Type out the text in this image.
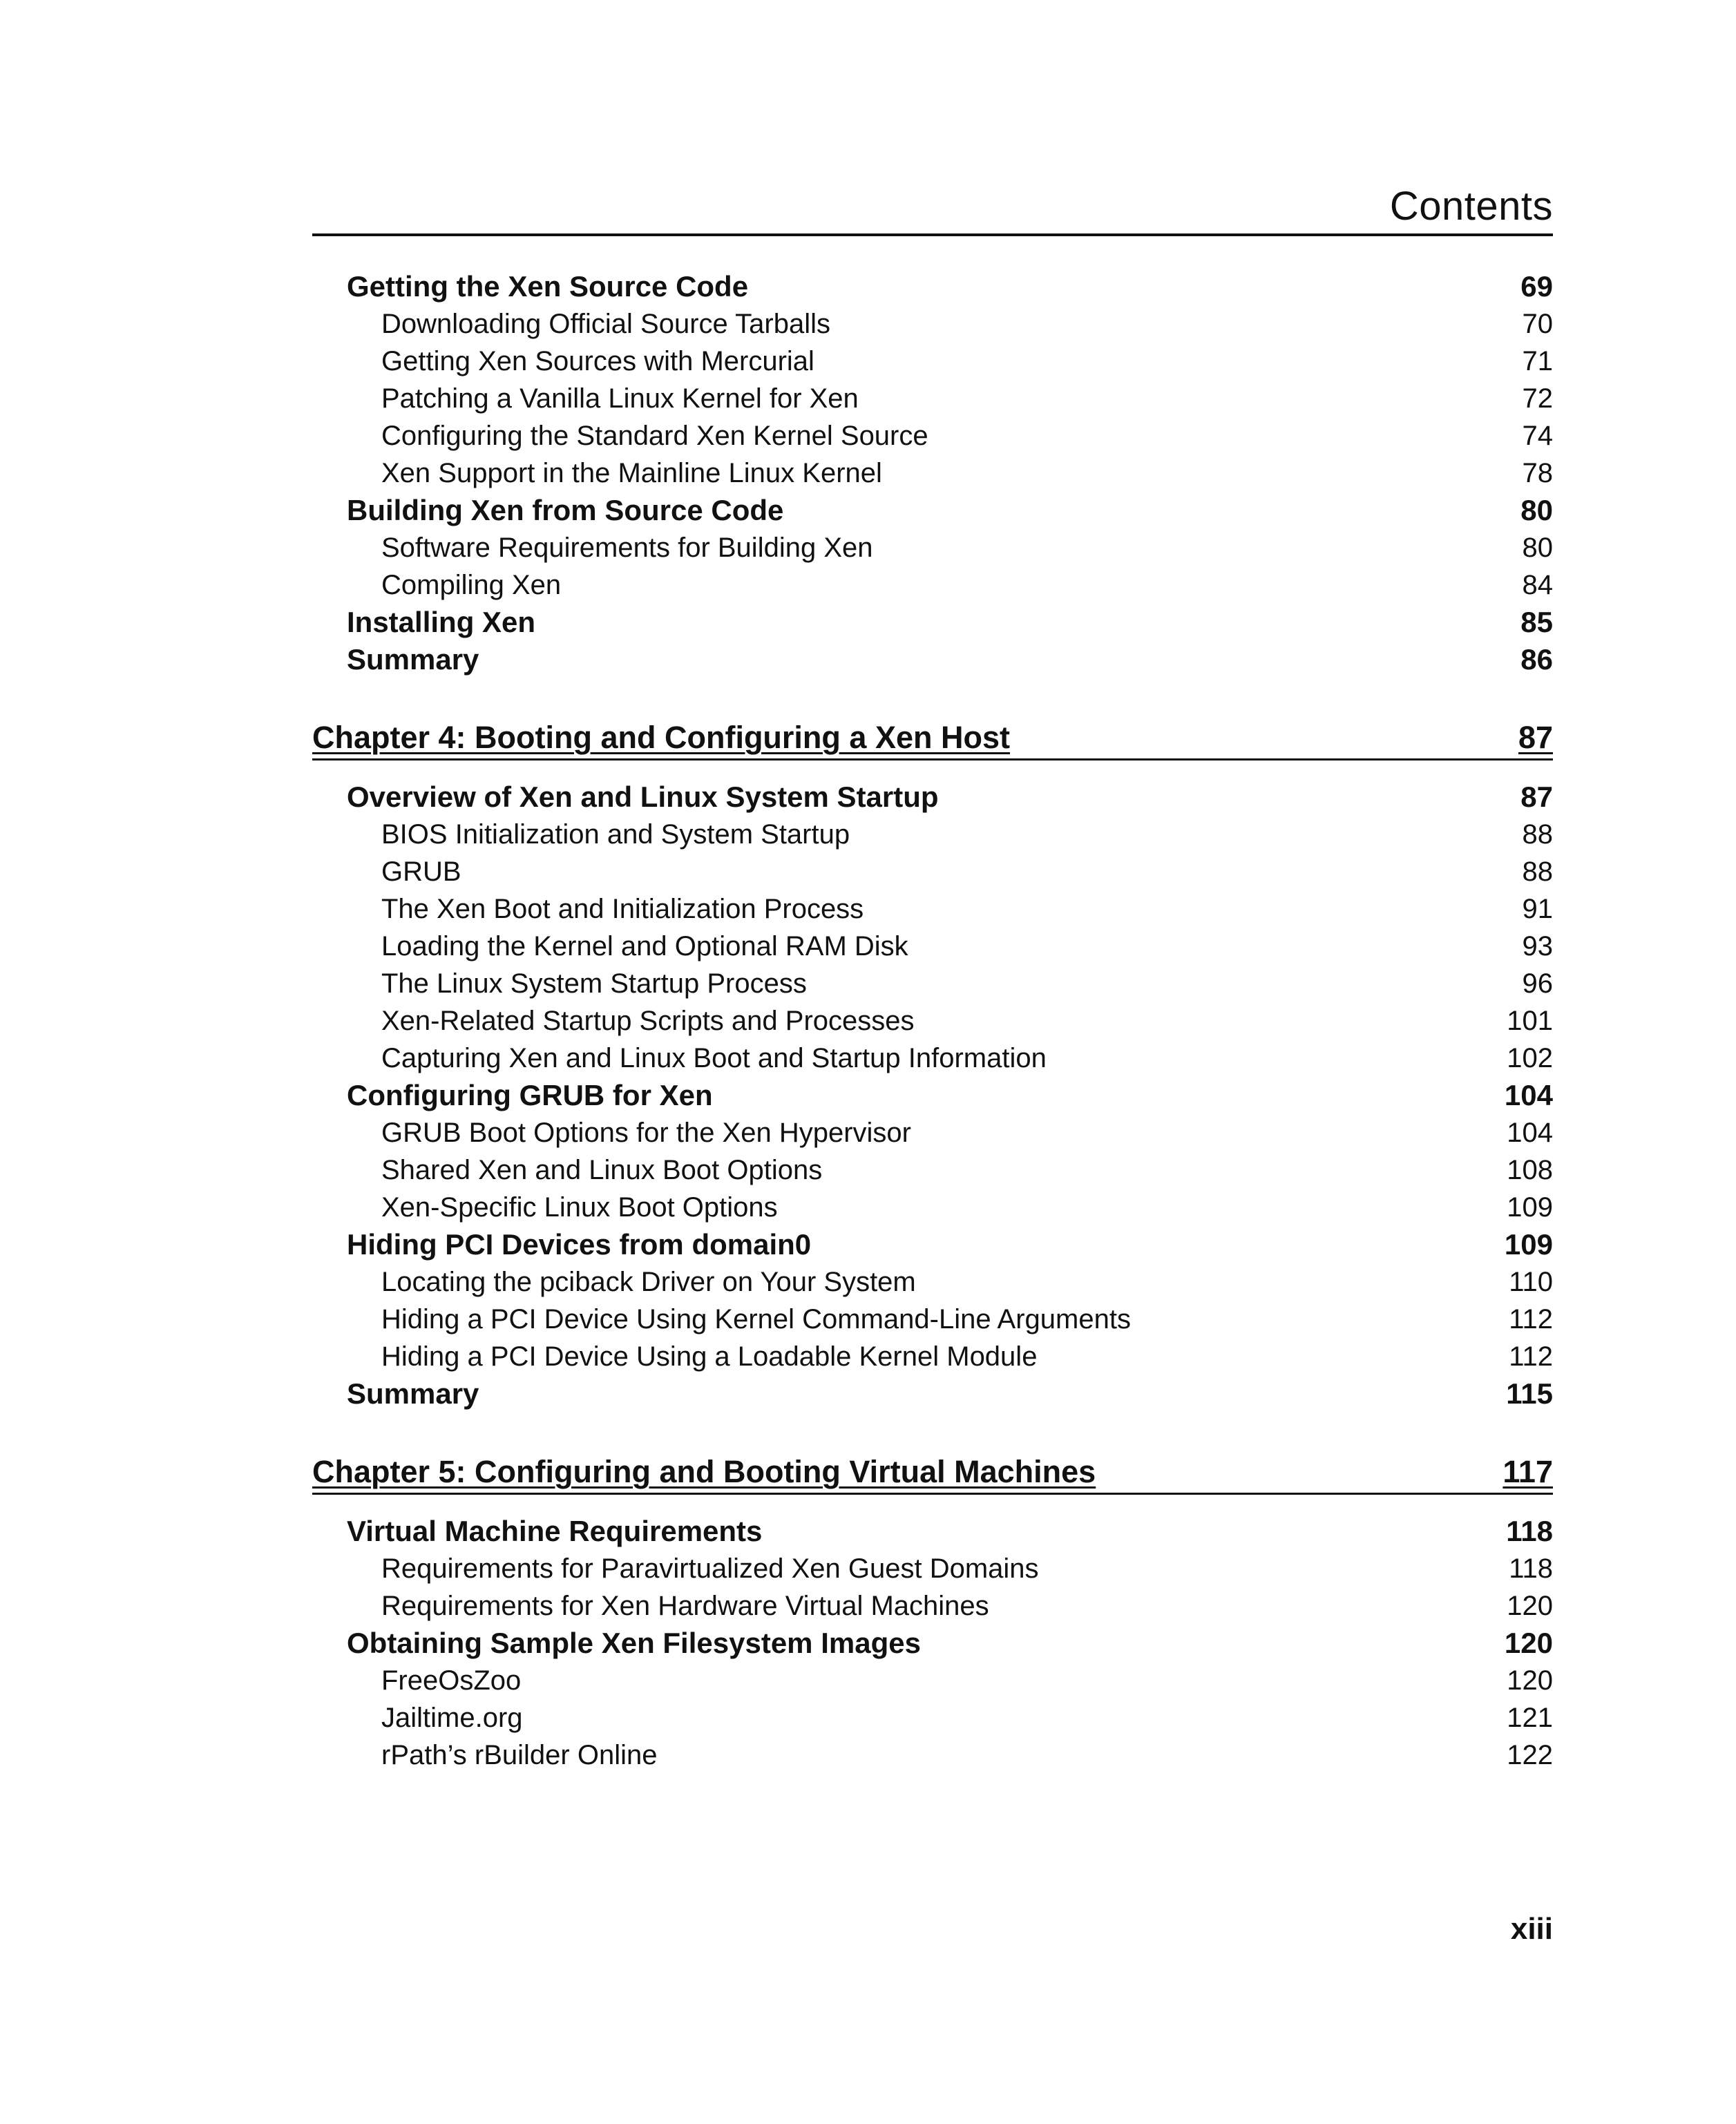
Contents
Getting the Xen Source Code	69
Downloading Official Source Tarballs	70
Getting Xen Sources with Mercurial	71
Patching a Vanilla Linux Kernel for Xen	72
Configuring the Standard Xen Kernel Source	74
Xen Support in the Mainline Linux Kernel	78
Building Xen from Source Code	80
Software Requirements for Building Xen	80
Compiling Xen	84
Installing Xen	85
Summary	86
Chapter 4: Booting and Configuring a Xen Host	87
Overview of Xen and Linux System Startup	87
BIOS Initialization and System Startup	88
GRUB	88
The Xen Boot and Initialization Process	91
Loading the Kernel and Optional RAM Disk	93
The Linux System Startup Process	96
Xen-Related Startup Scripts and Processes	101
Capturing Xen and Linux Boot and Startup Information	102
Configuring GRUB for Xen	104
GRUB Boot Options for the Xen Hypervisor	104
Shared Xen and Linux Boot Options	108
Xen-Specific Linux Boot Options	109
Hiding PCI Devices from domain0	109
Locating the pciback Driver on Your System	110
Hiding a PCI Device Using Kernel Command-Line Arguments	112
Hiding a PCI Device Using a Loadable Kernel Module	112
Summary	115
Chapter 5: Configuring and Booting Virtual Machines	117
Virtual Machine Requirements	118
Requirements for Paravirtualized Xen Guest Domains	118
Requirements for Xen Hardware Virtual Machines	120
Obtaining Sample Xen Filesystem Images	120
FreeOsZoo	120
Jailtime.org	121
rPath’s rBuilder Online	122
xiii
